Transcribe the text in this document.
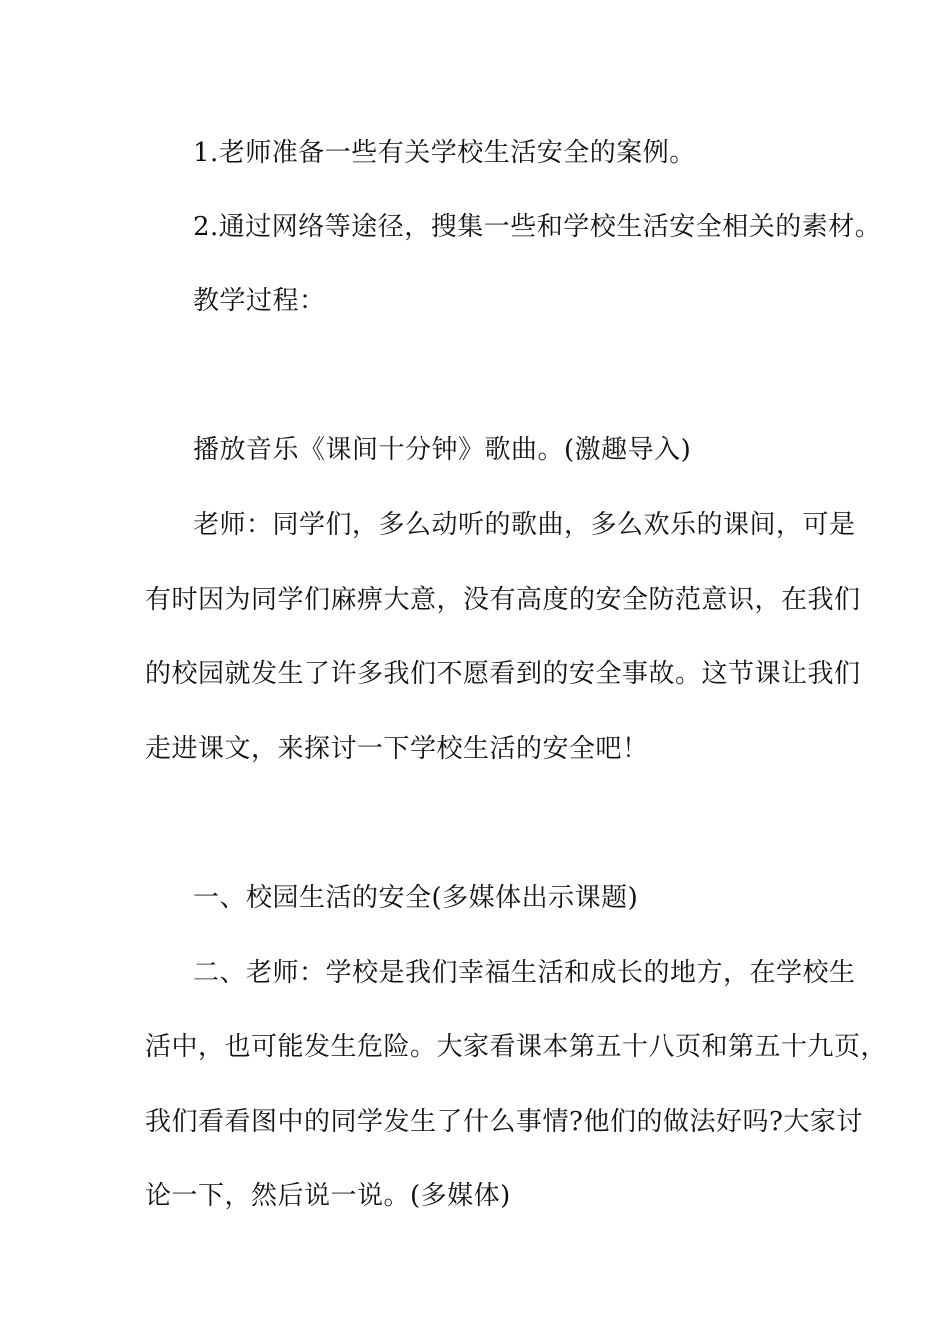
1.老师准备一些有关学校生活安全的案例。

2.通过网络等途径，搜集一些和学校生活安全相关的素材。

教学过程：

播放音乐《课间十分钟》歌曲。(激趣导入)

老师：同学们，多么动听的歌曲，多么欢乐的课间，可是

有时因为同学们麻痹大意，没有高度的安全防范意识，在我们

的校园就发生了许多我们不愿看到的安全事故。这节课让我们

走进课文，来探讨一下学校生活的安全吧！

一、校园生活的安全(多媒体出示课题)

二、老师：学校是我们幸福生活和成长的地方，在学校生

活中，也可能发生危险。大家看课本第五十八页和第五十九页，

我们看看图中的同学发生了什么事情?他们的做法好吗?大家讨

论一下，然后说一说。(多媒体)
